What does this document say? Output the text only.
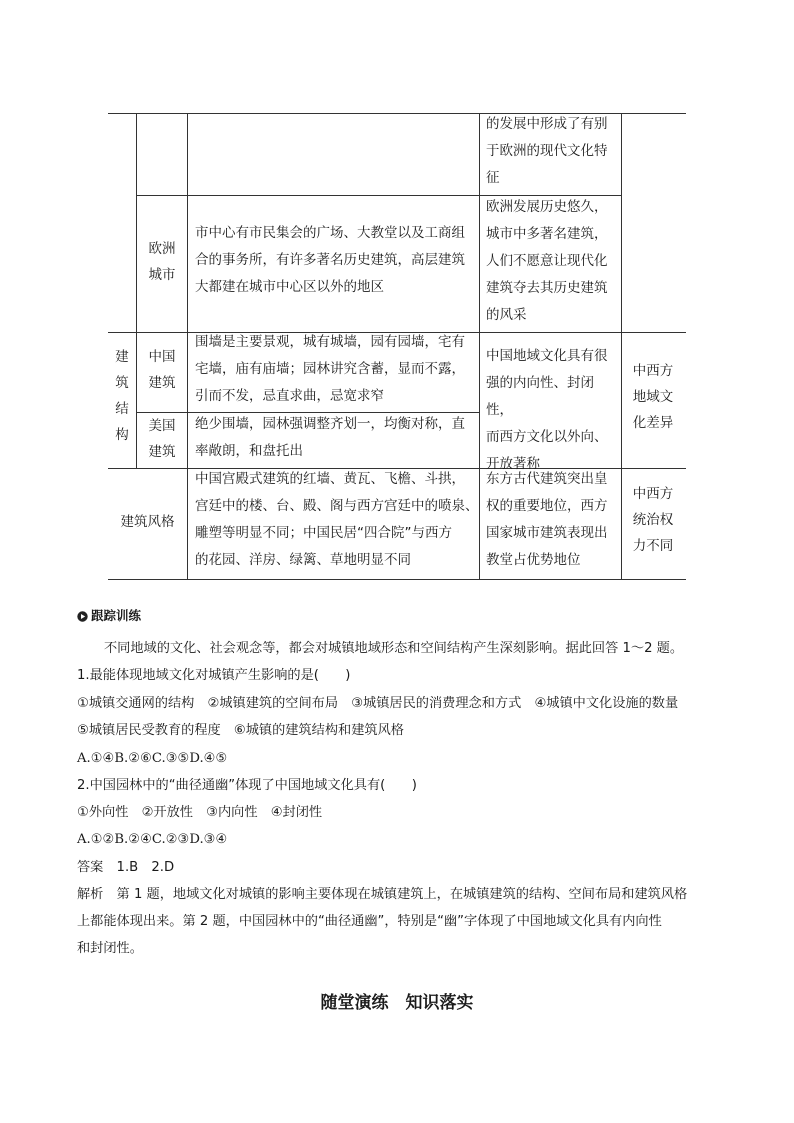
的发展中形成了有别
于欧洲的现代文化特
征
欧洲
城市
市中心有市民集会的广场、大教堂以及工商组
合的事务所，有许多著名历史建筑，高层建筑
大都建在城市中心区以外的地区
欧洲发展历史悠久，
城市中多著名建筑，
人们不愿意让现代化
建筑夺去其历史建筑
的风采
建
筑
结
构
中国
建筑
围墙是主要景观，城有城墙，园有园墙，宅有
宅墙，庙有庙墙；园林讲究含蓄，显而不露，
引而不发，忌直求曲，忌宽求窄
美国
建筑
绝少围墙，园林强调整齐划一，均衡对称，直
率敞朗，和盘托出
中国地域文化具有很
强的内向性、封闭性，
而西方文化以外向、
开放著称
中西方
地域文
化差异
建筑风格
中国宫殿式建筑的红墙、黄瓦、飞檐、斗拱，
宫廷中的楼、台、殿、阁与西方宫廷中的喷泉、
雕塑等明显不同；中国民居“四合院”与西方
的花园、洋房、绿篱、草地明显不同
东方古代建筑突出皇
权的重要地位，西方
国家城市建筑表现出
教堂占优势地位
中西方
统治权
力不同
跟踪训练
不同地域的文化、社会观念等，都会对城镇地域形态和空间结构产生深刻影响。据此回答 1～2 题。
1.最能体现地域文化对城镇产生影响的是(　　)
①城镇交通网的结构　②城镇建筑的空间布局　③城镇居民的消费理念和方式　④城镇中文化设施的数量
⑤城镇居民受教育的程度　⑥城镇的建筑结构和建筑风格
A.①④B.②⑥C.③⑤D.④⑤
2.中国园林中的“曲径通幽”体现了中国地域文化具有(　　)
①外向性　②开放性　③内向性　④封闭性
A.①②B.②④C.②③D.③④
答案　1.B　2.D
解析　第 1 题，地域文化对城镇的影响主要体现在城镇建筑上，在城镇建筑的结构、空间布局和建筑风格
上都能体现出来。第 2 题，中国园林中的“曲径通幽”，特别是“幽”字体现了中国地域文化具有内向性
和封闭性。
随堂演练　知识落实
